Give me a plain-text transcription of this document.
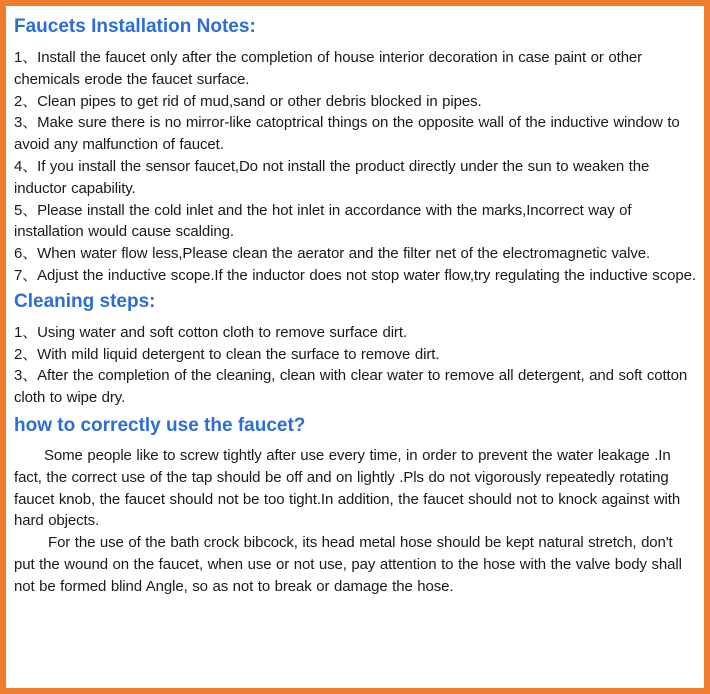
Faucets Installation Notes:
1、Install the faucet only after the completion of house interior decoration in case paint or other chemicals erode the faucet surface.
2、Clean pipes to get rid of mud,sand or other debris blocked in pipes.
3、Make sure there is no mirror-like catoptrical things on the opposite wall of the inductive window to avoid any malfunction of faucet.
4、If you install the sensor faucet,Do not install the product directly under the sun to weaken the inductor capability.
5、Please install the cold inlet and the hot inlet in accordance with the marks,Incorrect way of installation would cause scalding.
6、When water flow less,Please clean the aerator and the filter net of the electromagnetic valve.
7、Adjust the inductive scope.If the inductor does not stop water flow,try regulating the inductive scope.
Cleaning steps:
1、Using water and soft cotton cloth to remove surface dirt.
2、With mild liquid detergent to clean the surface to remove dirt.
3、After the completion of the cleaning, clean with clear water to remove all detergent, and soft cotton cloth to wipe dry.
how to correctly use the faucet?

Some people like to screw tightly after use every time, in order to prevent the water leakage .In fact, the correct use of the tap should be off and on lightly .Pls do not vigorously repeatedly rotating faucet knob, the faucet should not be too tight.In addition, the faucet should not to knock against with hard objects.

For the use of the bath crock bibcock, its head metal hose should be kept natural stretch, don't put the wound on the faucet, when use or not use, pay attention to the hose with the valve body shall not be formed blind Angle, so as not to break or damage the hose.
